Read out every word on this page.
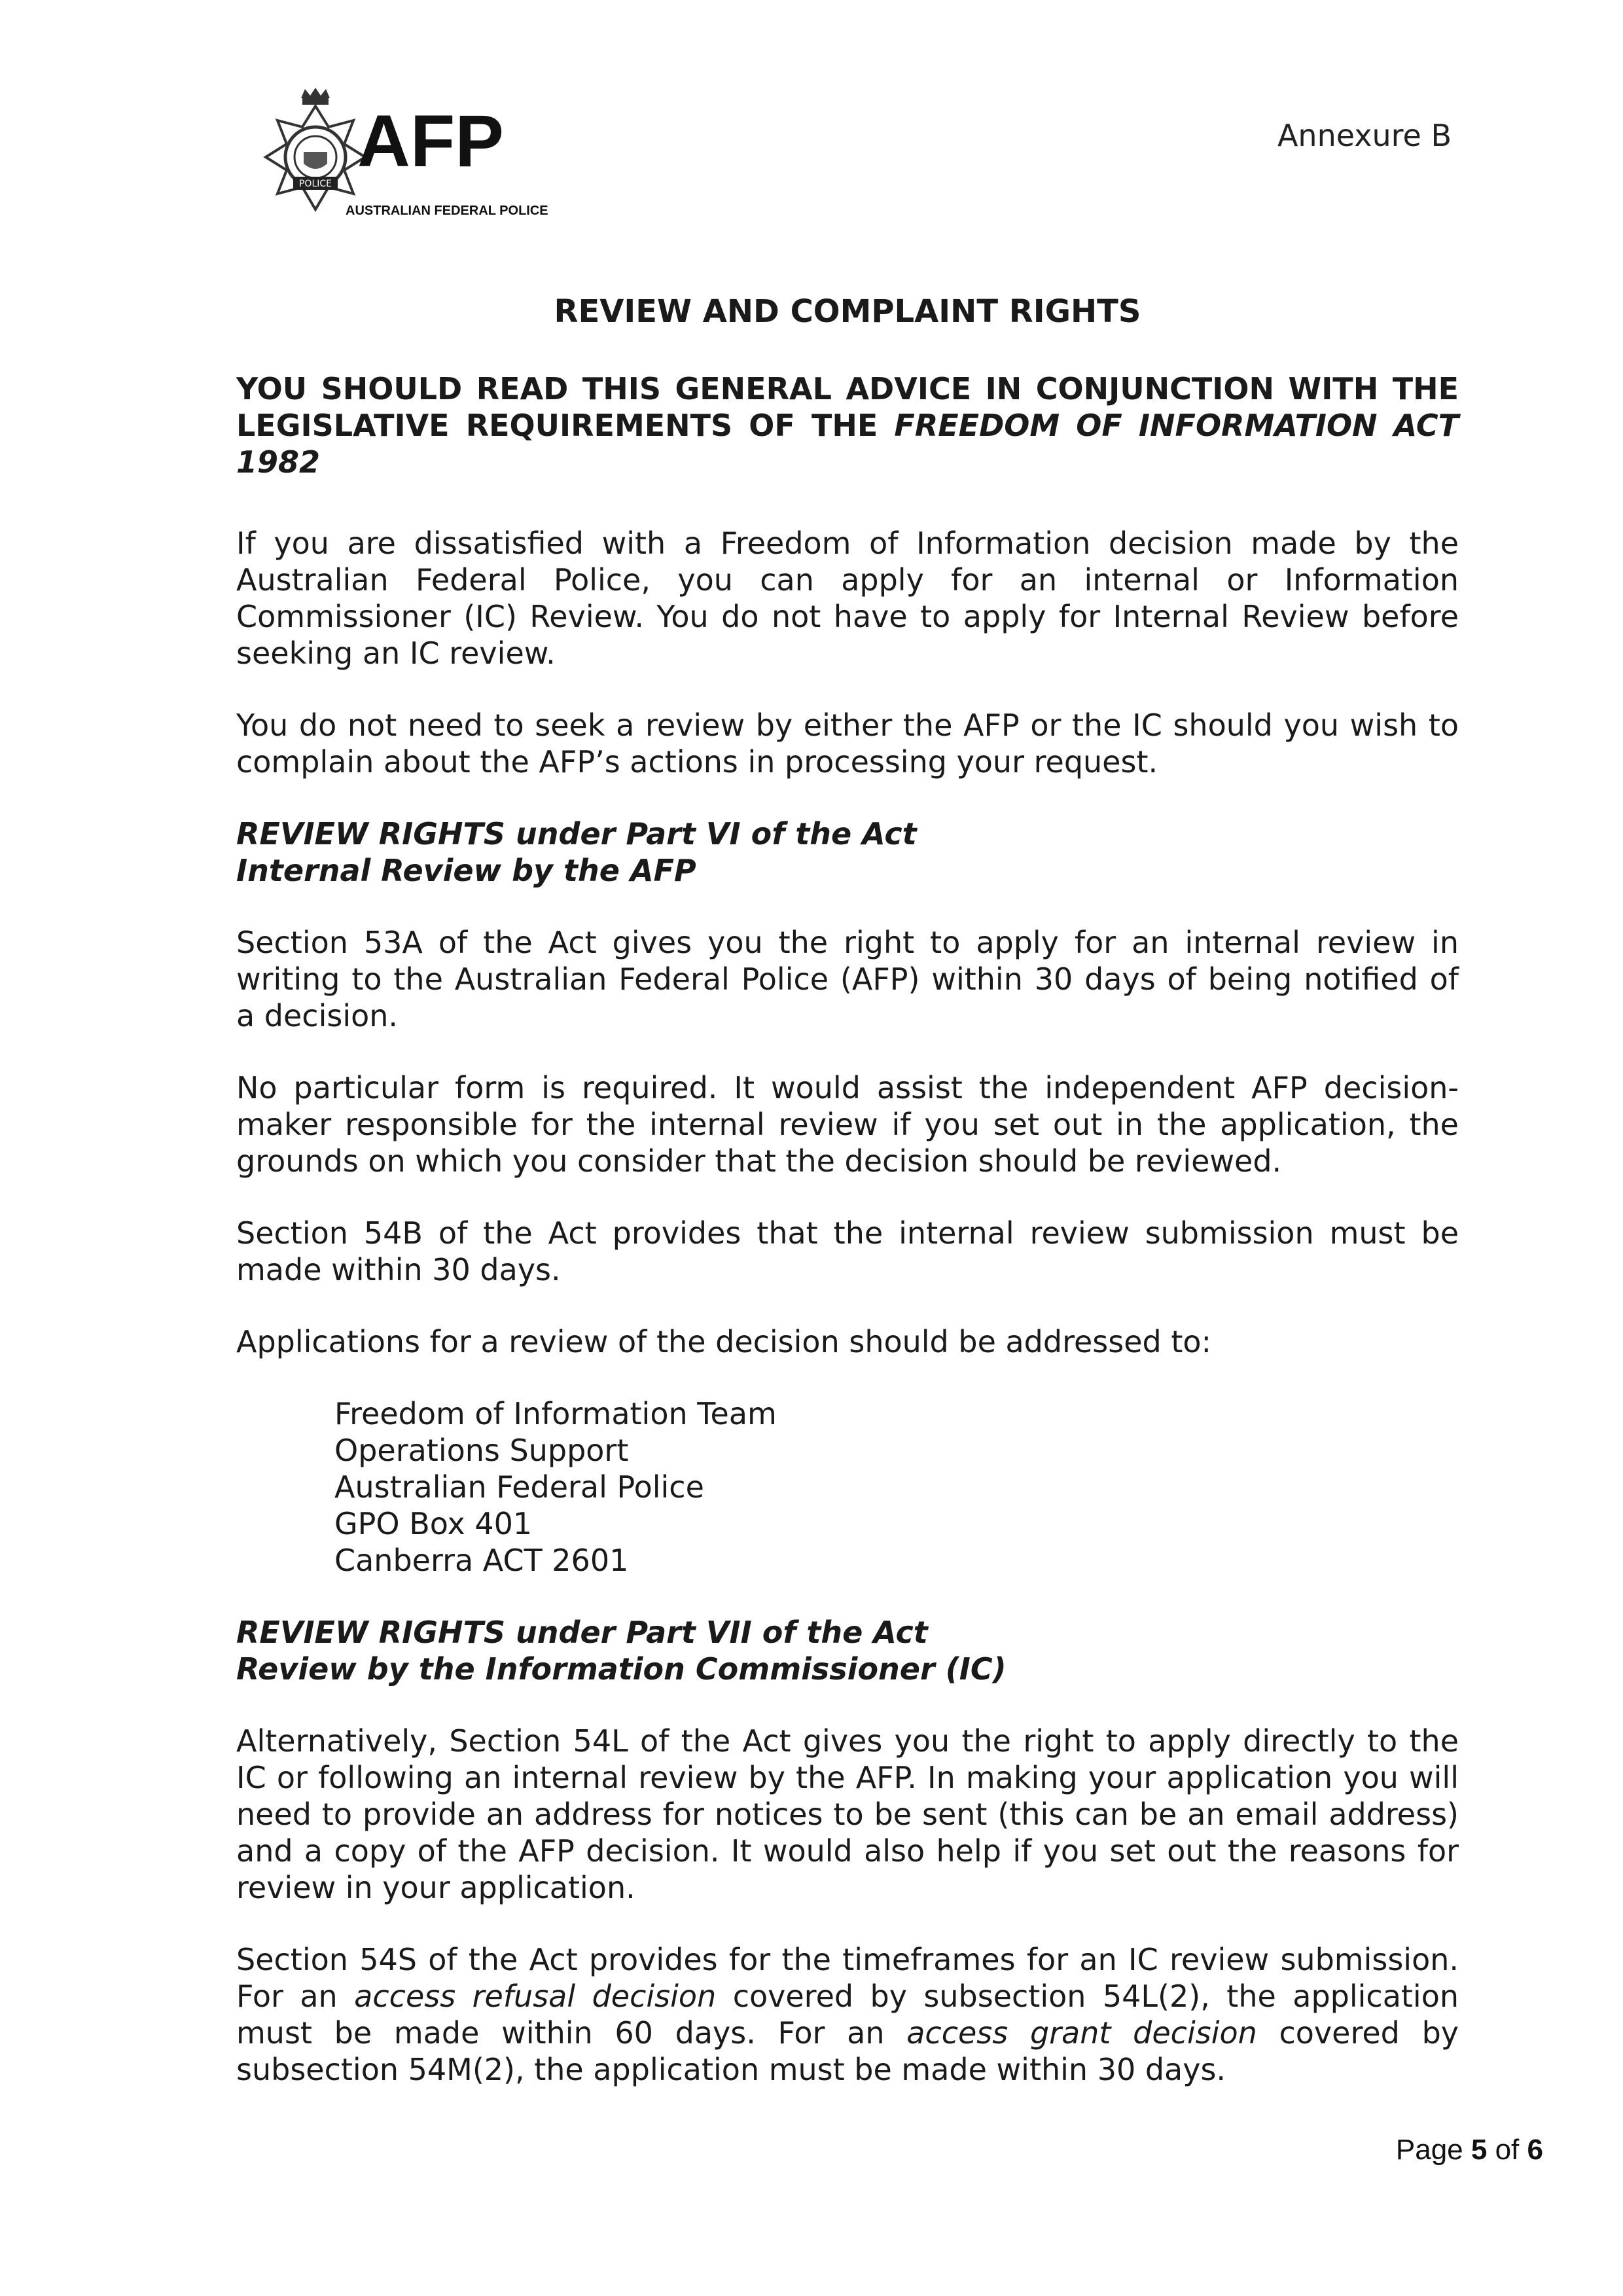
POLICE
AFP
AUSTRALIAN FEDERAL POLICE
Annexure B
REVIEW AND COMPLAINT RIGHTS
YOU SHOULD READ THIS GENERAL ADVICE IN CONJUNCTION WITH THE LEGISLATIVE REQUIREMENTS OF THE FREEDOM OF INFORMATION ACT 1982

If you are dissatisfied with a Freedom of Information decision made by the Australian Federal Police, you can apply for an internal or Information Commissioner (IC) Review. You do not have to apply for Internal Review before seeking an IC review.

You do not need to seek a review by either the AFP or the IC should you wish to complain about the AFP’s actions in processing your request.

REVIEW RIGHTS under Part VI of the Act
Internal Review by the AFP

Section 53A of the Act gives you the right to apply for an internal review in writing to the Australian Federal Police (AFP) within 30 days of being notified of a decision.

No particular form is required. It would assist the independent AFP decision-maker responsible for the internal review if you set out in the application, the grounds on which you consider that the decision should be reviewed.

Section 54B of the Act provides that the internal review submission must be made within 30 days.

Applications for a review of the decision should be addressed to:

Freedom of Information Team
Operations Support
Australian Federal Police
GPO Box 401
Canberra ACT 2601
REVIEW RIGHTS under Part VII of the Act
Review by the Information Commissioner (IC)

Alternatively, Section 54L of the Act gives you the right to apply directly to the IC or following an internal review by the AFP. In making your application you will need to provide an address for notices to be sent (this can be an email address) and a copy of the AFP decision. It would also help if you set out the reasons for review in your application.

Section 54S of the Act provides for the timeframes for an IC review submission. For an access refusal decision covered by subsection 54L(2), the application must be made within 60 days. For an access grant decision covered by subsection 54M(2), the application must be made within 30 days.

Page 5 of 6
